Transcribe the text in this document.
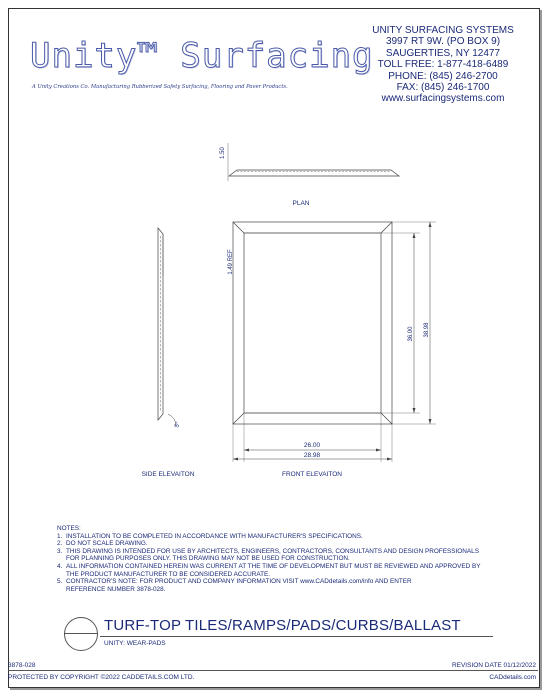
Unity™ Surfacing
A Unity Creations Co. Manufacturing Rubberized Safety Surfacing, Flooring and Paver Products.
UNITY SURFACING SYSTEMS
3997 RT 9W. (PO BOX 9)
SAUGERTIES, NY 12477
TOLL FREE: 1-877-418-6489
PHONE: (845) 246-2700
FAX: (845) 246-1700
www.surfacingsystems.com
PLAN
1.50
1.49 REF
36.00 38.98
26.00
28.98
5°
SIDE ELEVAITON	FRONT ELEVAITON
NOTES:
1. INSTALLATION TO BE COMPLETED IN ACCORDANCE WITH MANUFACTURER'S SPECIFICATIONS.
2. DO NOT SCALE DRAWING.
3. THIS DRAWING IS INTENDED FOR USE BY ARCHITECTS, ENGINEERS, CONTRACTORS, CONSULTANTS AND DESIGN PROFESSIONALS
FOR PLANNING PURPOSES ONLY. THIS DRAWING MAY NOT BE USED FOR CONSTRUCTION.
4. ALL INFORMATION CONTAINED HEREIN WAS CURRENT AT THE TIME OF DEVELOPMENT BUT MUST BE REVIEWED AND APPROVED BY
THE PRODUCT MANUFACTURER TO BE CONSIDERED ACCURATE.
5. CONTRACTOR'S NOTE: FOR PRODUCT AND COMPANY INFORMATION VISIT www.CADdetails.com/info AND ENTER
REFERENCE NUMBER 3878-028.
TURF-TOP TILES/RAMPS/PADS/CURBS/BALLAST
UNITY: WEAR-PADS
3878-028	REVISION DATE 01/12/2022
PROTECTED BY COPYRIGHT ©2022 CADDETAILS.COM LTD.	CADdetails.com
